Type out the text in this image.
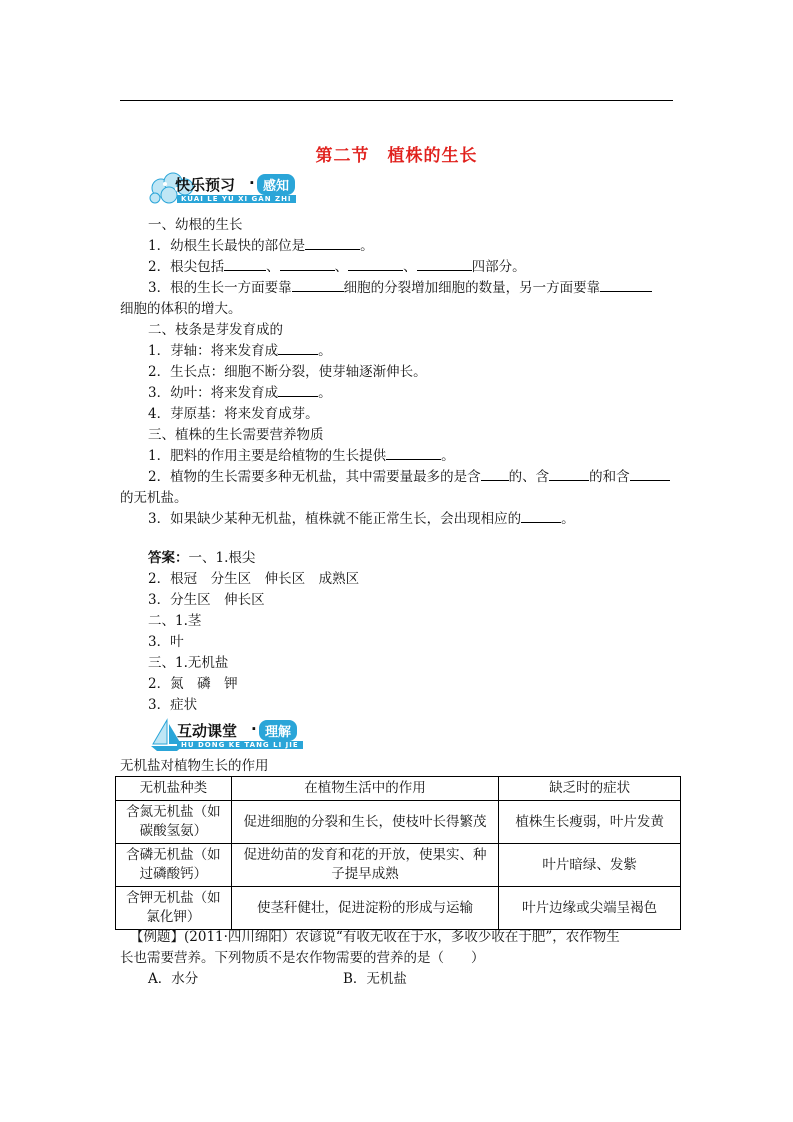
第二节　植株的生长
快乐预习 · 感知
KUAI LE YU XI GAN ZHI
一、幼根的生长
1．幼根生长最快的部位是	。
2．根尖包括	、	、	、	四部分。
3．根的生长一方面要靠	细胞的分裂增加细胞的数量，另一方面要靠
细胞的体积的增大。
二、枝条是芽发育成的
1．芽轴：将来发育成	。
2．生长点：细胞不断分裂，使芽轴逐渐伸长。
3．幼叶：将来发育成	。
4．芽原基：将来发育成芽。
三、植株的生长需要营养物质
1．肥料的作用主要是给植物的生长提供	。
2．植物的生长需要多种无机盐，其中需要量最多的是含 的、含	的和含
的无机盐。
3．如果缺少某种无机盐，植株就不能正常生长，会出现相应的	。
答案：一、1.根尖
2．根冠　分生区　伸长区　成熟区
3．分生区　伸长区
二、1.茎
3．叶
三、1.无机盐
2．氮　磷　钾
3．症状
互动课堂 · 理解
HU DONG KE TANG LI JIE
无机盐对植物生长的作用
无机盐种类	在植物生活中的作用	缺乏时的症状
含氮无机盐（如
碳酸氢氨）	促进细胞的分裂和生长，使枝叶长得繁茂	植株生长瘦弱，叶片发黄
含磷无机盐（如
过磷酸钙）	促进幼苗的发育和花的开放，使果实、种
子提早成熟	叶片暗绿、发紫
含钾无机盐（如
氯化钾）	使茎秆健壮，促进淀粉的形成与运输	叶片边缘或尖端呈褐色
【例题】(2011·四川绵阳）农谚说“有收无收在于水，多收少收在于肥”，农作物生
长也需要营养。下列物质不是农作物需要的营养的是（　　）
A．水分	B．无机盐
